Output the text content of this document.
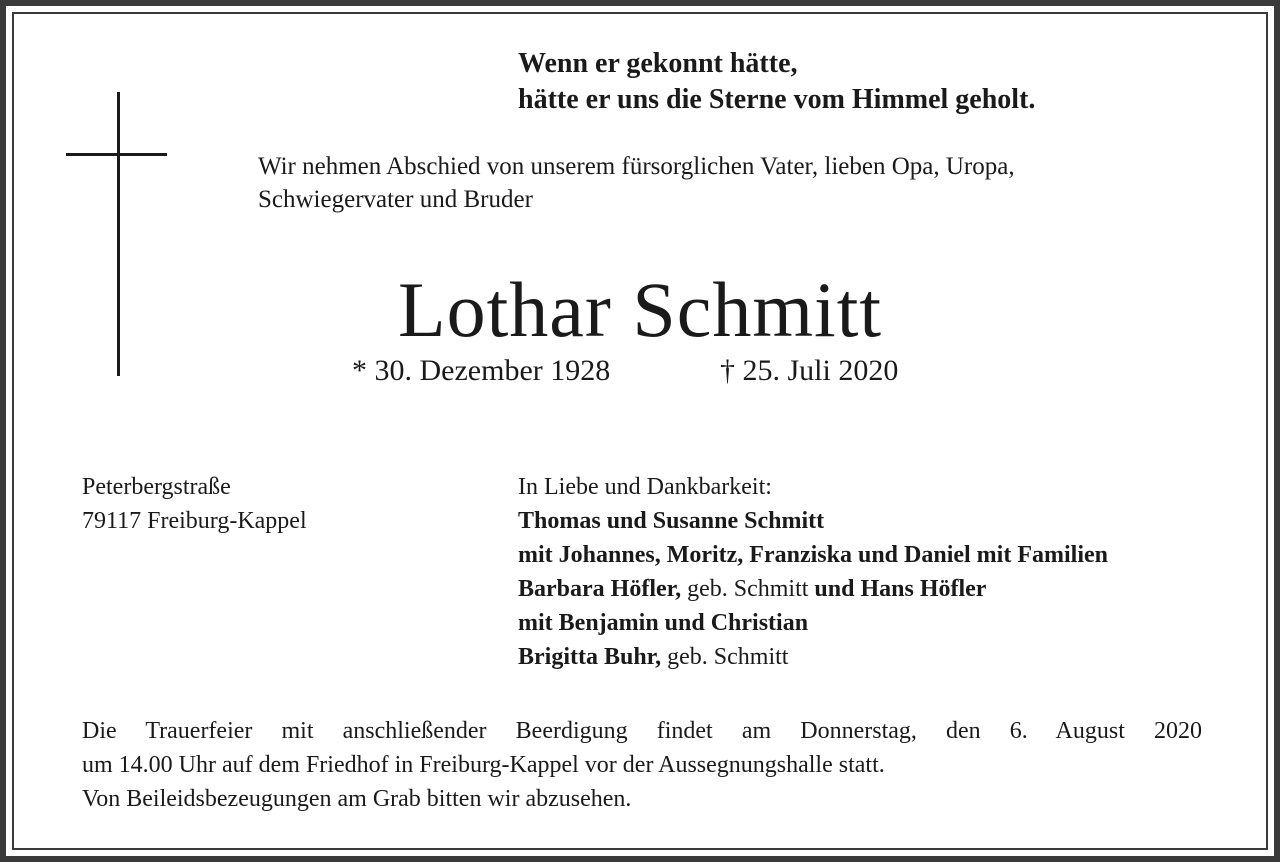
Wenn er gekonnt hätte,
hätte er uns die Sterne vom Himmel geholt.
Wir nehmen Abschied von unserem fürsorglichen Vater, lieben Opa, Uropa,
Schwiegervater und Bruder
Lothar Schmitt
* 30. Dezember 1928	† 25. Juli 2020
Peterbergstraße
79117 Freiburg-Kappel
In Liebe und Dankbarkeit:
Thomas und Susanne Schmitt
mit Johannes, Moritz, Franziska und Daniel mit Familien
Barbara Höfler, geb. Schmitt und Hans Höfler
mit Benjamin und Christian
Brigitta Buhr, geb. Schmitt
Die Trauerfeier mit anschließender Beerdigung findet am Donnerstag, den 6. August 2020
um 14.00 Uhr auf dem Friedhof in Freiburg-Kappel vor der Aussegnungshalle statt.
Von Beileidsbezeugungen am Grab bitten wir abzusehen.
